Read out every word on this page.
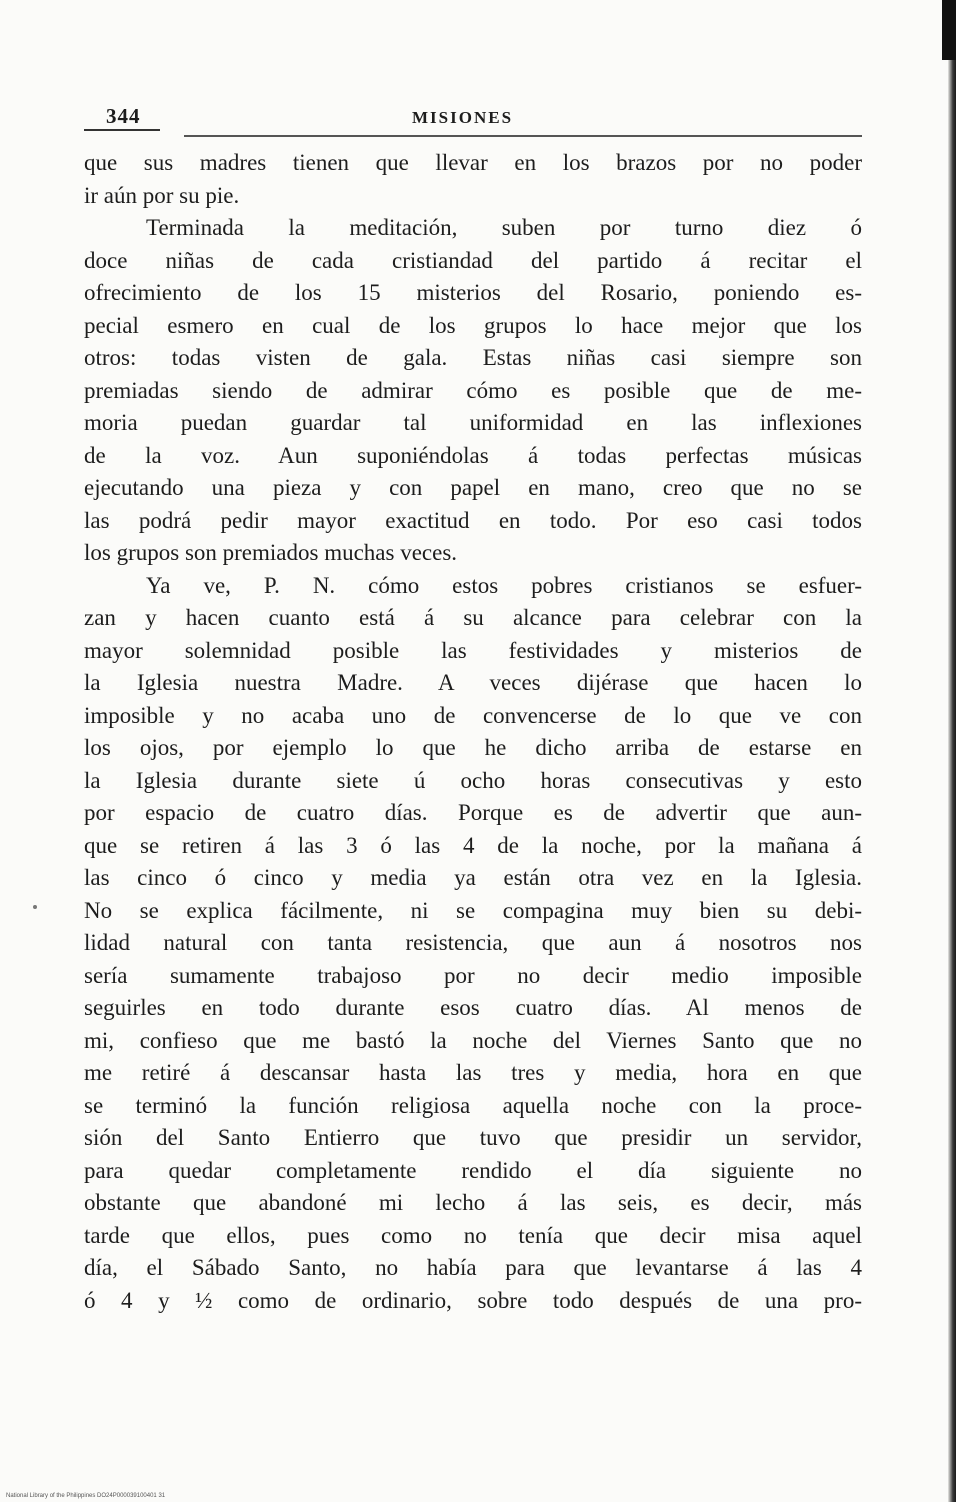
344	MISIONES
que sus madres tienen que llevar en los brazos por no poder
ir aún por su pie.
Terminada la meditación, suben por turno diez ó
doce niñas de cada cristiandad del partido á recitar el
ofrecimiento de los 15 misterios del Rosario, poniendo es-
pecial esmero en cual de los grupos lo hace mejor que los
otros: todas visten de gala. Estas niñas casi siempre son
premiadas siendo de admirar cómo es posible que de me-
moria puedan guardar tal uniformidad en las inflexiones
de la voz. Aun suponiéndolas á todas perfectas músicas
ejecutando una pieza y con papel en mano, creo que no se
las podrá pedir mayor exactitud en todo. Por eso casi todos
los grupos son premiados muchas veces.
Ya ve, P. N. cómo estos pobres cristianos se esfuer-
zan y hacen cuanto está á su alcance para celebrar con la
mayor solemnidad posible las festividades y misterios de
la Iglesia nuestra Madre. A veces dijérase que hacen lo
imposible y no acaba uno de convencerse de lo que ve con
los ojos, por ejemplo lo que he dicho arriba de estarse en
la Iglesia durante siete ú ocho horas consecutivas y esto
por espacio de cuatro días. Porque es de advertir que aun-
que se retiren á las 3 ó las 4 de la noche, por la mañana á
las cinco ó cinco y media ya están otra vez en la Iglesia.
No se explica fácilmente, ni se compagina muy bien su debi-
lidad natural con tanta resistencia, que aun á nosotros nos
sería sumamente trabajoso por no decir medio imposible
seguirles en todo durante esos cuatro días. Al menos de
mi, confieso que me bastó la noche del Viernes Santo que no
me retiré á descansar hasta las tres y media, hora en que
se terminó la función religiosa aquella noche con la proce-
sión del Santo Entierro que tuvo que presidir un servidor,
para quedar completamente rendido el día siguiente no
obstante que abandoné mi lecho á las seis, es decir, más
tarde que ellos, pues como no tenía que decir misa aquel
día, el Sábado Santo, no había para que levantarse á las 4
ó 4 y ½ como de ordinario, sobre todo después de una pro-
National Library of the Philippines DO24P000039100401 31
